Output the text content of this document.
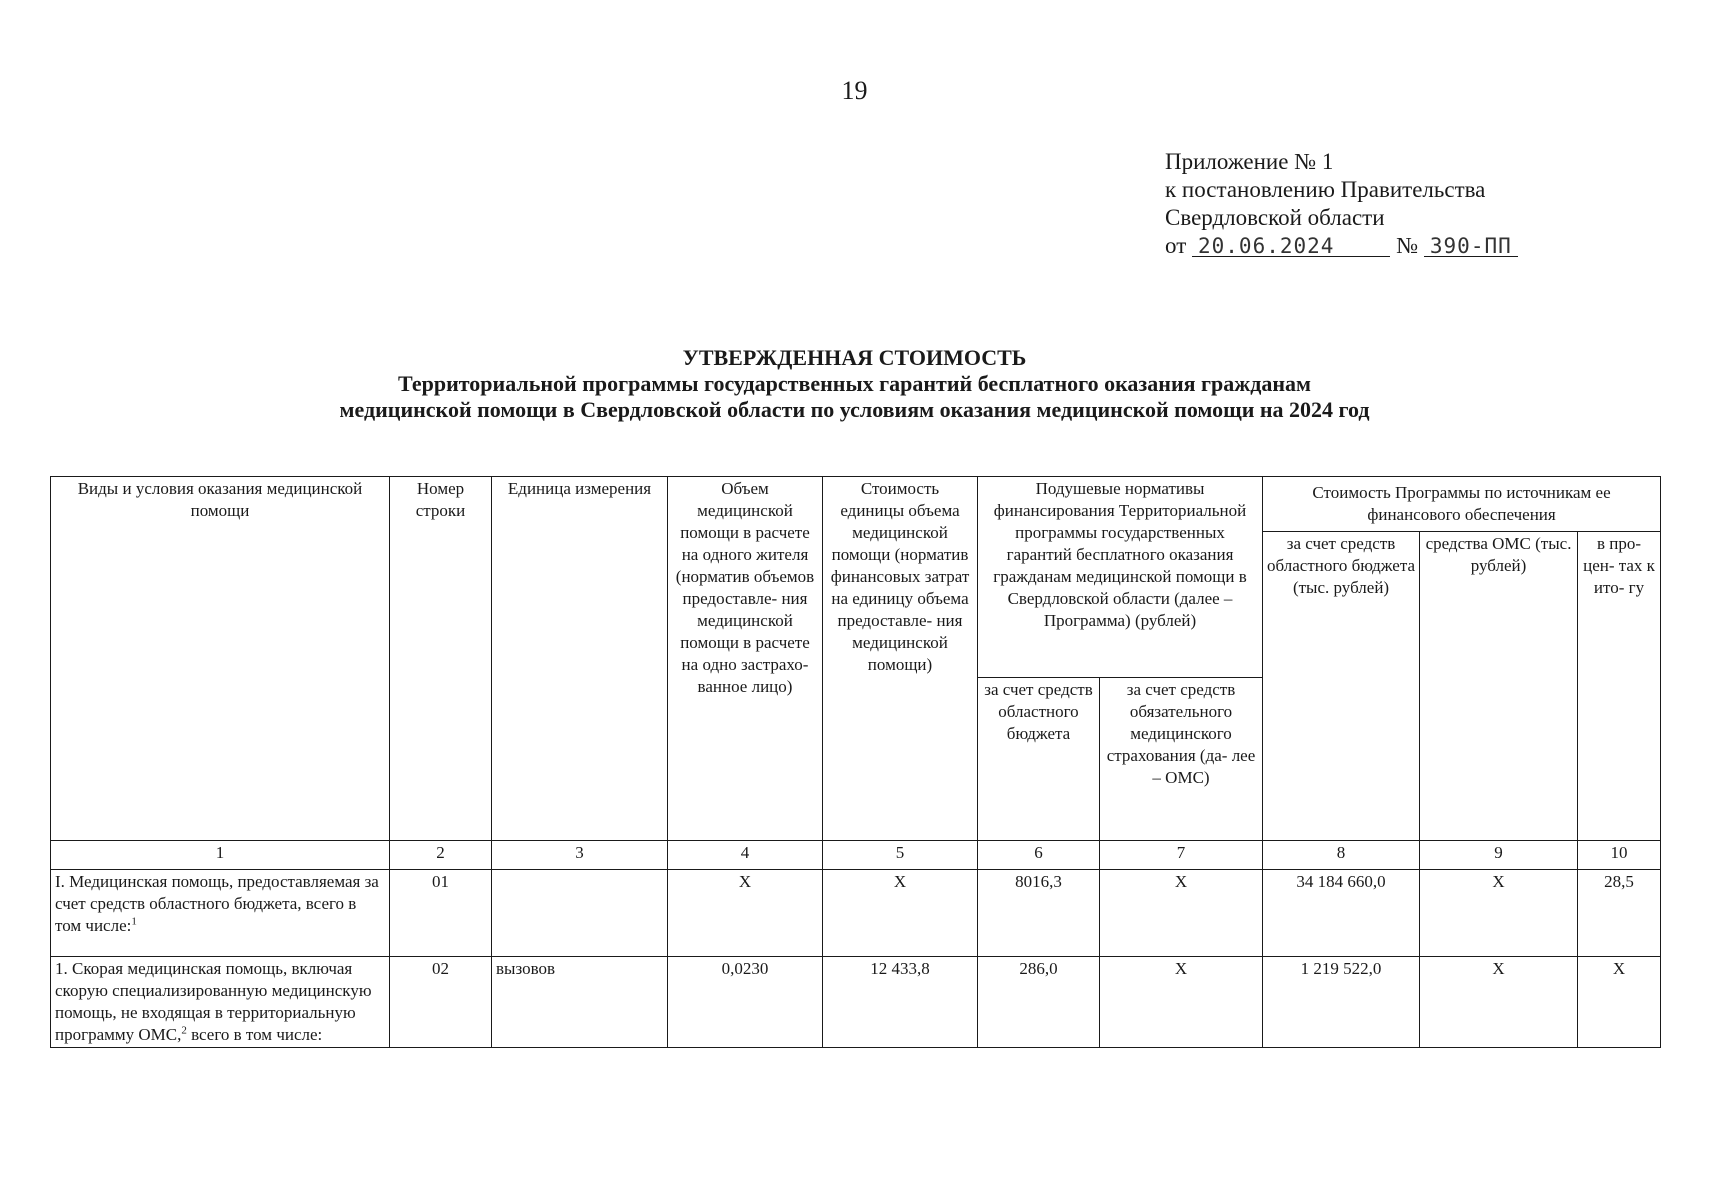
19
Приложение № 1
к постановлению Правительства
Свердловской области
от 20.06.2024	№ 390-ПП
УТВЕРЖДЕННАЯ СТОИМОСТЬ
Территориальной программы государственных гарантий бесплатного оказания гражданам
медицинской помощи в Свердловской области по условиям оказания медицинской помощи на 2024 год
Виды и условия оказания медицинской помощи	Номер строки	Единица измерения	Объем медицинской помощи в расчете на одного жителя (норматив объемов предоставле- ния медицинской помощи в расчете на одно застрахо- ванное лицо)	Стоимость единицы объема медицинской помощи (норматив финансовых затрат на единицу объема предоставле- ния медицинской помощи)	Подушевые нормативы финансирования Территориальной программы государственных гарантий бесплатного оказания гражданам медицинской помощи в Свердловской области (далее – Программа) (рублей)		Стоимость Программы по источникам ее финансового обеспечения		
							за счет средств областного бюджета (тыс. рублей)	средства ОМС (тыс. рублей)	в про- цен- тах к ито- гу
					за счет средств областного бюджета	за счет средств обязательного медицинского страхования (да- лее – ОМС)			
1	2	3	4	5	6	7	8	9	10
I. Медицинская помощь, предоставляемая за счет средств областного бюджета, всего в том числе:$^1$	01		X	X	8016,3	X	34 184 660,0	X	28,5
1. Скорая медицинская помощь, включая скорую специализированную медицинскую помощь, не входящая в территориальную программу ОМС,$^2$ всего в том числе:	02	вызовов	0,0230	12 433,8	286,0	X	1 219 522,0	X	X
